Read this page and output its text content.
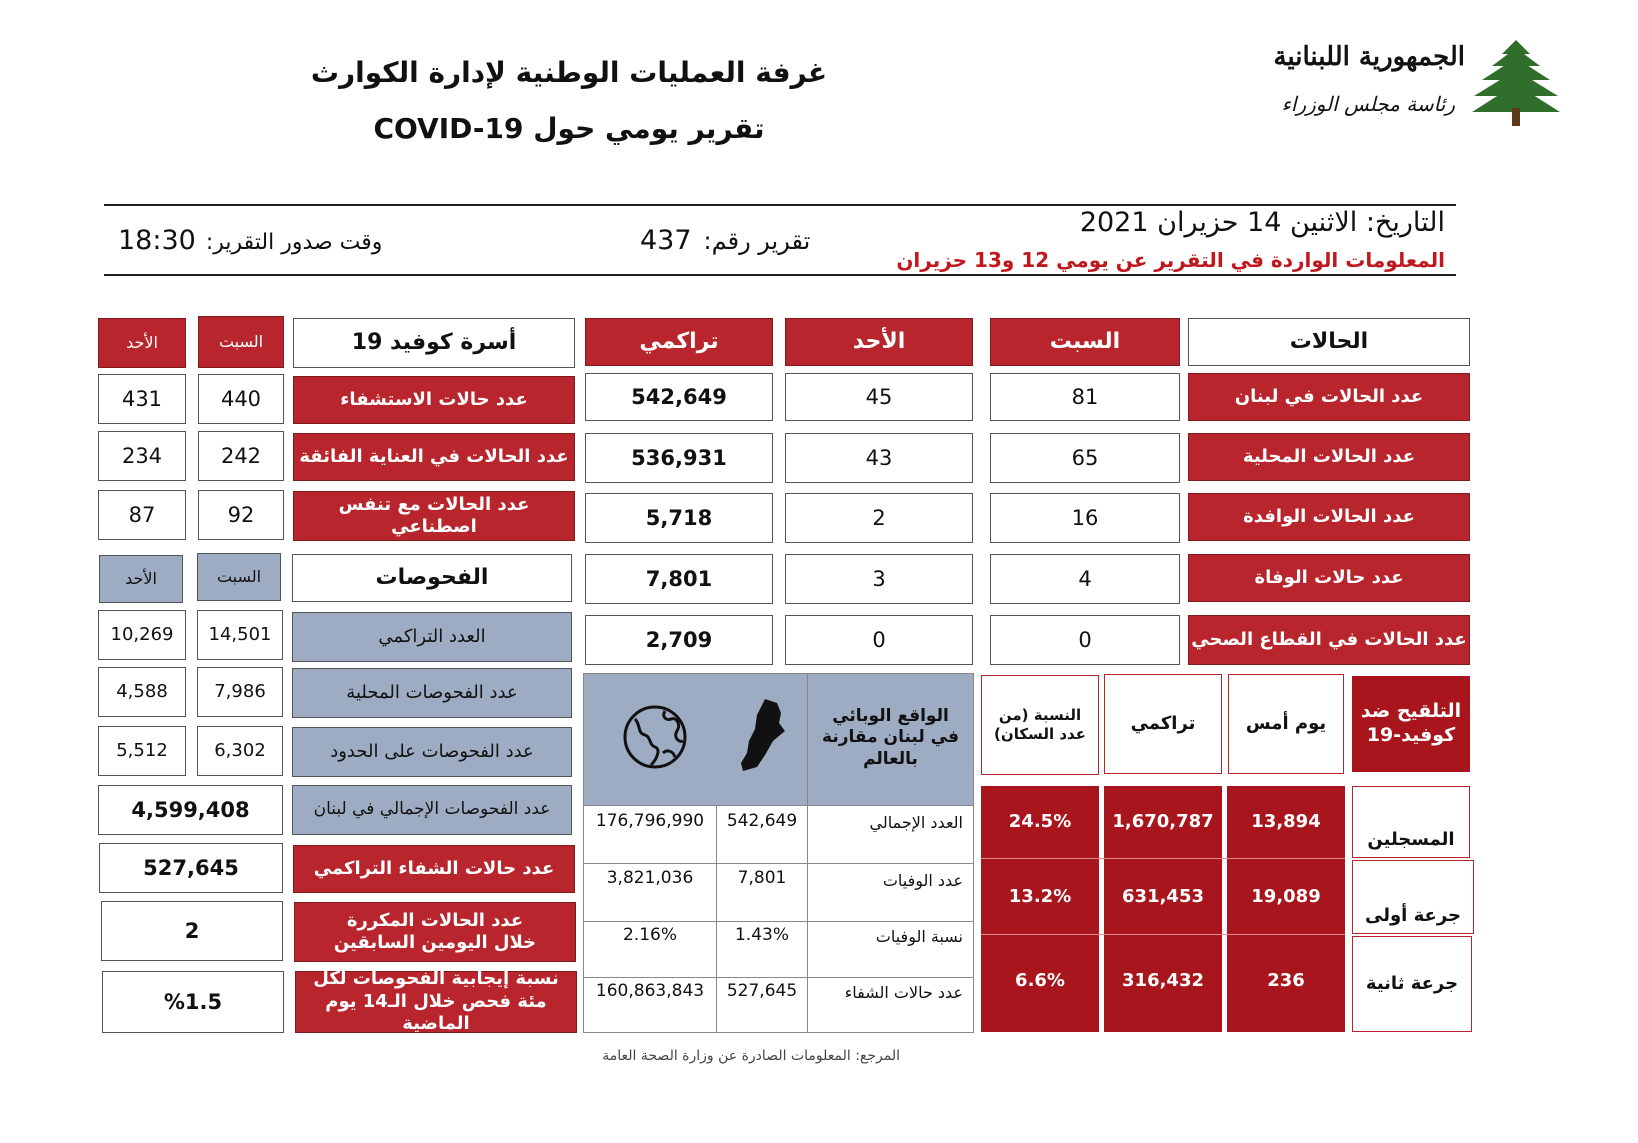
غرفة العمليات الوطنية لإدارة الكوارث
تقرير يومي حول COVID-19
الجمهورية اللبنانية
رئاسة مجلس الوزراء
التاريخ: الاثنين 14 حزيران 2021
المعلومات الواردة في التقرير عن يومي 12 و13 حزيران
437 تقرير رقم:
18:30 وقت صدور التقرير:
الحالات
السبت
الأحد
تراكمي
عدد الحالات في لبنان
81
45
542,649
عدد الحالات المحلية
65
43
536,931
عدد الحالات الوافدة
16
2
5,718
عدد حالات الوفاة
4
3
7,801
عدد الحالات في القطاع الصحي
0
0
2,709
أسرة كوفيد 19
السبت
الأحد
عدد حالات الاستشفاء
440
431
عدد الحالات في العناية الفائقة
242
234
عدد الحالات مع تنفس اصطناعي
92
87
الفحوصات
السبت
الأحد
العدد التراكمي
14,501
10,269
عدد الفحوصات المحلية
7,986
4,588
عدد الفحوصات على الحدود
6,302
5,512
عدد الفحوصات الإجمالي في لبنان
4,599,408
عدد حالات الشفاء التراكمي
527,645
عدد الحالات المكررة خلال اليومين السابقين
2
نسبة إيجابية الفحوصات لكل مئة فحص خلال الـ14 يوم الماضية
%1.5
الواقع الوبائي في لبنان مقارنة بالعالم
العدد الإجمالي
542,649
176,796,990
عدد الوفيات
7,801
3,821,036
نسبة الوفيات
1.43%
2.16%
عدد حالات الشفاء
527,645
160,863,843
التلقيح ضد كوفيد-19
يوم أمس
تراكمي
النسبة (من عدد السكان)
المسجلين
13,894
1,670,787
24.5%
جرعة أولى
19,089
631,453
13.2%
جرعة ثانية
236
316,432
6.6%
المرجع: المعلومات الصادرة عن وزارة الصحة العامة
